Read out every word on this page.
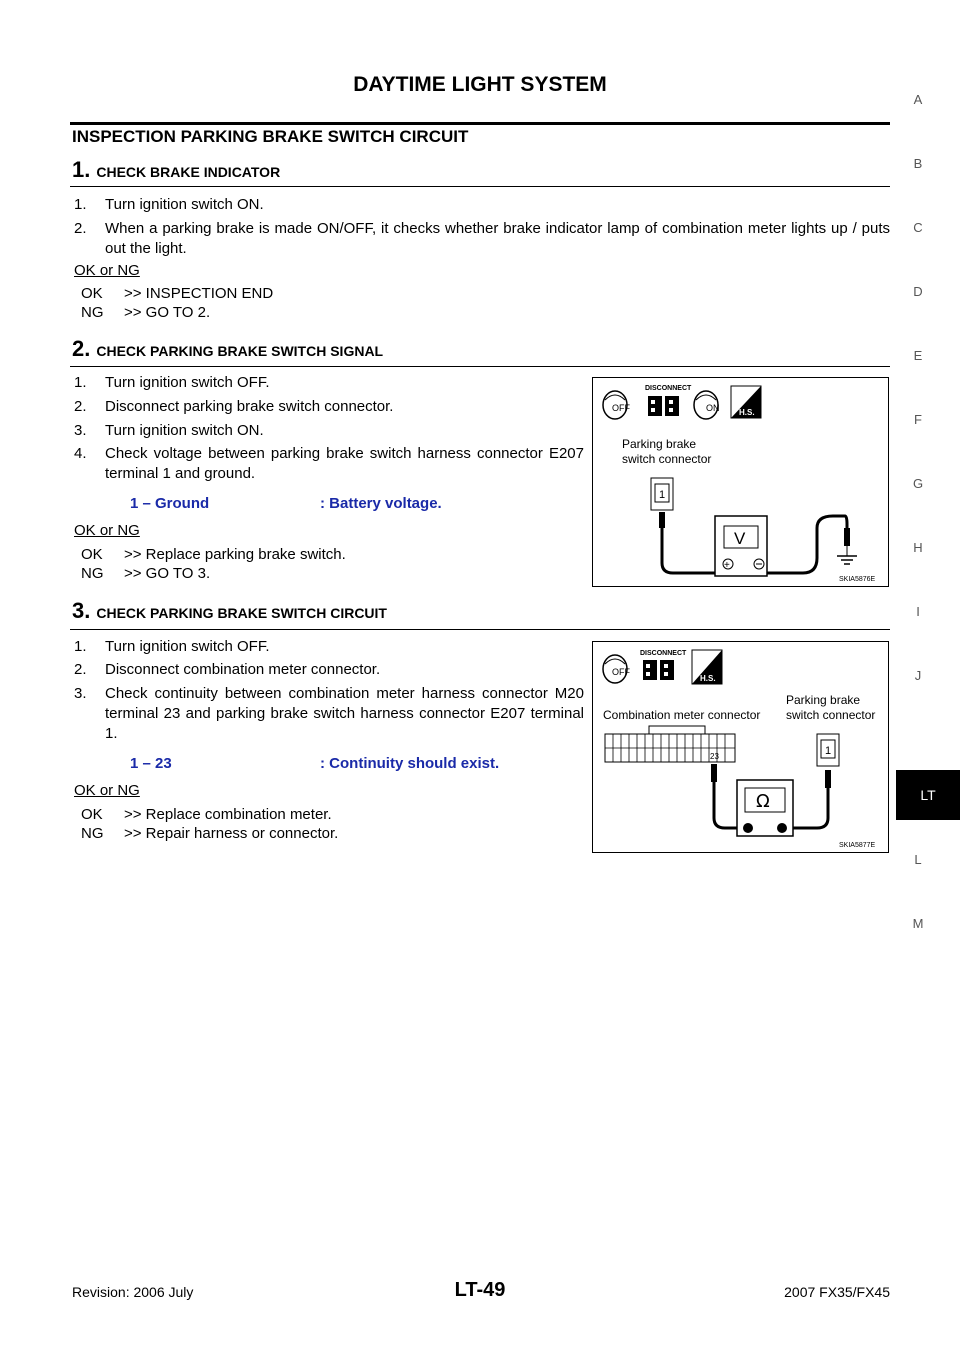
DAYTIME LIGHT SYSTEM
INSPECTION PARKING BRAKE SWITCH CIRCUIT
1. CHECK BRAKE INDICATOR
1. Turn ignition switch ON.
2. When a parking brake is made ON/OFF, it checks whether brake indicator lamp of combination meter lights up / puts out the light.
OK or NG
OK >> INSPECTION END
NG >> GO TO 2.
2. CHECK PARKING BRAKE SWITCH SIGNAL
1. Turn ignition switch OFF.
2. Disconnect parking brake switch connector.
3. Turn ignition switch ON.
4. Check voltage between parking brake switch harness connector E207 terminal 1 and ground.
1 – Ground	: Battery voltage.
OK or NG
OK >> Replace parking brake switch.
NG >> GO TO 3.
OFF
DISCONNECT
ON H.S.
Parking brake
switch connector
1
V
+
SKIA5876E
3. CHECK PARKING BRAKE SWITCH CIRCUIT
1. Turn ignition switch OFF.
2. Disconnect combination meter connector.
3. Check continuity between combination meter harness connector M20 terminal 23 and parking brake switch harness connector E207 terminal 1.
1 – 23	: Continuity should exist.
OK or NG
OK >> Replace combination meter.
NG >> Repair harness or connector.
OFF
DISCONNECT
H.S.
Parking brake
switch connector
Combination meter connector
23	1
Ω
SKIA5877E
A
B
C
D
E
F
G
H
I
J
LT
L
M
Revision: 2006 July	LT-49	2007 FX35/FX45
